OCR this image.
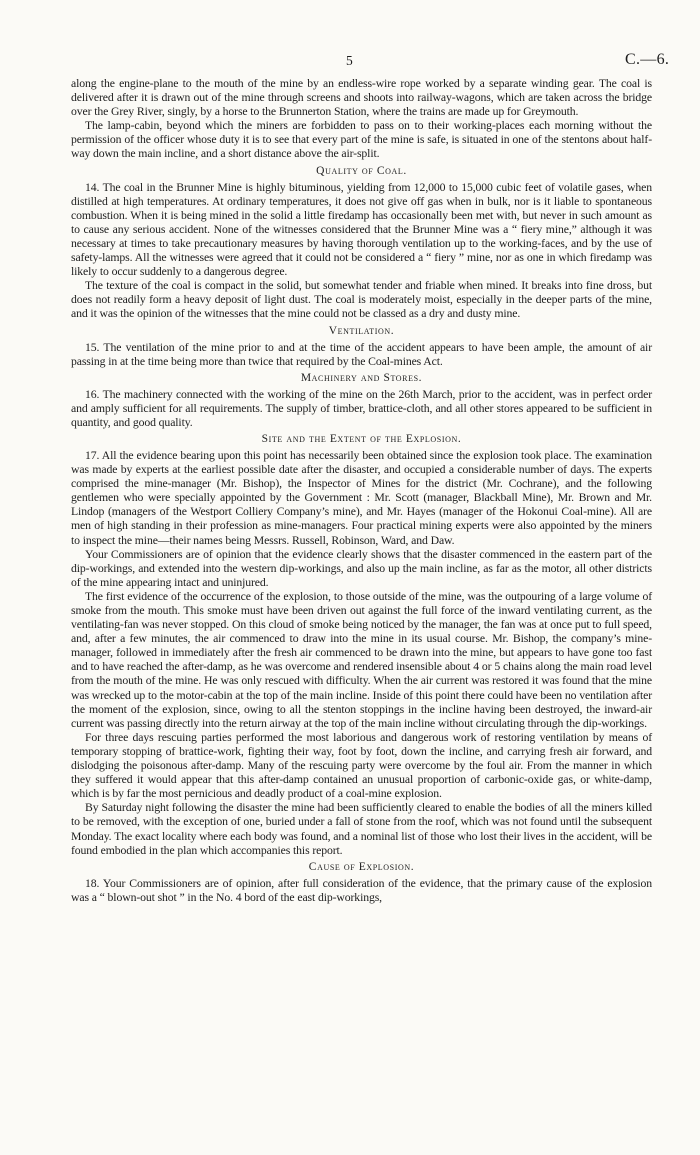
5	C.—6.

along the engine-plane to the mouth of the mine by an endless-wire rope worked by a separate winding gear. The coal is delivered after it is drawn out of the mine through screens and shoots into railway-wagons, which are taken across the bridge over the Grey River, singly, by a horse to the Brunnerton Station, where the trains are made up for Greymouth.

The lamp-cabin, beyond which the miners are forbidden to pass on to their working-places each morning without the permission of the officer whose duty it is to see that every part of the mine is safe, is situated in one of the stentons about half-way down the main incline, and a short distance above the air-split.

Quality of Coal.

14. The coal in the Brunner Mine is highly bituminous, yielding from 12,000 to 15,000 cubic feet of volatile gases, when distilled at high temperatures. At ordinary temperatures, it does not give off gas when in bulk, nor is it liable to spontaneous combustion. When it is being mined in the solid a little firedamp has occasionally been met with, but never in such amount as to cause any serious accident. None of the witnesses considered that the Brunner Mine was a “ fiery mine,” although it was necessary at times to take precautionary measures by having thorough ventilation up to the working-faces, and by the use of safety-lamps. All the witnesses were agreed that it could not be considered a “ fiery ” mine, nor as one in which firedamp was likely to occur suddenly to a dangerous degree.

The texture of the coal is compact in the solid, but somewhat tender and friable when mined. It breaks into fine dross, but does not readily form a heavy deposit of light dust. The coal is moderately moist, especially in the deeper parts of the mine, and it was the opinion of the witnesses that the mine could not be classed as a dry and dusty mine.

Ventilation.

15. The ventilation of the mine prior to and at the time of the accident appears to have been ample, the amount of air passing in at the time being more than twice that required by the Coal-mines Act.

Machinery and Stores.

16. The machinery connected with the working of the mine on the 26th March, prior to the accident, was in perfect order and amply sufficient for all requirements. The supply of timber, brattice-cloth, and all other stores appeared to be sufficient in quantity, and good quality.

Site and the Extent of the Explosion.

17. All the evidence bearing upon this point has necessarily been obtained since the explosion took place. The examination was made by experts at the earliest possible date after the disaster, and occupied a considerable number of days. The experts comprised the mine-manager (Mr. Bishop), the Inspector of Mines for the district (Mr. Cochrane), and the following gentlemen who were specially appointed by the Government : Mr. Scott (manager, Blackball Mine), Mr. Brown and Mr. Lindop (managers of the Westport Colliery Company’s mine), and Mr. Hayes (manager of the Hokonui Coal-mine). All are men of high standing in their profession as mine-managers. Four practical mining experts were also appointed by the miners to inspect the mine—their names being Messrs. Russell, Robinson, Ward, and Daw.

Your Commissioners are of opinion that the evidence clearly shows that the disaster commenced in the eastern part of the dip-workings, and extended into the western dip-workings, and also up the main incline, as far as the motor, all other districts of the mine appearing intact and uninjured.

The first evidence of the occurrence of the explosion, to those outside of the mine, was the outpouring of a large volume of smoke from the mouth. This smoke must have been driven out against the full force of the inward ventilating current, as the ventilating-fan was never stopped. On this cloud of smoke being noticed by the manager, the fan was at once put to full speed, and, after a few minutes, the air commenced to draw into the mine in its usual course. Mr. Bishop, the company’s mine-manager, followed in immediately after the fresh air commenced to be drawn into the mine, but appears to have gone too fast and to have reached the after-damp, as he was overcome and rendered insensible about 4 or 5 chains along the main road level from the mouth of the mine. He was only rescued with difficulty. When the air current was restored it was found that the mine was wrecked up to the motor-cabin at the top of the main incline. Inside of this point there could have been no ventilation after the moment of the explosion, since, owing to all the stenton stoppings in the incline having been destroyed, the inward-air current was passing directly into the return airway at the top of the main incline without circulating through the dip-workings.

For three days rescuing parties performed the most laborious and dangerous work of restoring ventilation by means of temporary stopping of brattice-work, fighting their way, foot by foot, down the incline, and carrying fresh air forward, and dislodging the poisonous after-damp. Many of the rescuing party were overcome by the foul air. From the manner in which they suffered it would appear that this after-damp contained an unusual proportion of carbonic-oxide gas, or white-damp, which is by far the most pernicious and deadly product of a coal-mine explosion.

By Saturday night following the disaster the mine had been sufficiently cleared to enable the bodies of all the miners killed to be removed, with the exception of one, buried under a fall of stone from the roof, which was not found until the subsequent Monday. The exact locality where each body was found, and a nominal list of those who lost their lives in the accident, will be found embodied in the plan which accompanies this report.

Cause of Explosion.

18. Your Commissioners are of opinion, after full consideration of the evidence, that the primary cause of the explosion was a “ blown-out shot ” in the No. 4 bord of the east dip-workings,
